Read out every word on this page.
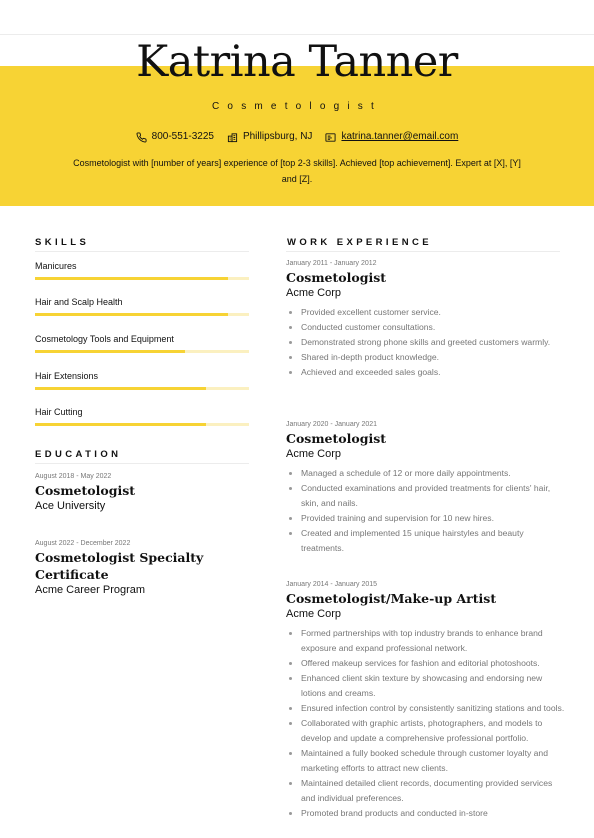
Katrina Tanner
Cosmetologist
800-551-3225	Phillipsburg, NJ	katrina.tanner@email.com
Cosmetologist with [number of years] experience of [top 2-3 skills]. Achieved [top achievement]. Expert at [X], [Y] and [Z].
SKILLS
Manicures
Hair and Scalp Health
Cosmetology Tools and Equipment
Hair Extensions
Hair Cutting
EDUCATION
August 2018 - May 2022
Cosmetologist
Ace University
August 2022 - December 2022
Cosmetologist Specialty Certificate
Acme Career Program
WORK EXPERIENCE
January 2011 - January 2012
Cosmetologist
Acme Corp
Provided excellent customer service.
Conducted customer consultations.
Demonstrated strong phone skills and greeted customers warmly.
Shared in-depth product knowledge.
Achieved and exceeded sales goals.
January 2020 - January 2021
Cosmetologist
Acme Corp
Managed a schedule of 12 or more daily appointments.
Conducted examinations and provided treatments for clients' hair, skin, and nails.
Provided training and supervision for 10 new hires.
Created and implemented 15 unique hairstyles and beauty treatments.
January 2014 - January 2015
Cosmetologist/Make-up Artist
Acme Corp
Formed partnerships with top industry brands to enhance brand exposure and expand professional network.
Offered makeup services for fashion and editorial photoshoots.
Enhanced client skin texture by showcasing and endorsing new lotions and creams.
Ensured infection control by consistently sanitizing stations and tools.
Collaborated with graphic artists, photographers, and models to develop and update a comprehensive professional portfolio.
Maintained a fully booked schedule through customer loyalty and marketing efforts to attract new clients.
Maintained detailed client records, documenting provided services and individual preferences.
Promoted brand products and conducted in-store
